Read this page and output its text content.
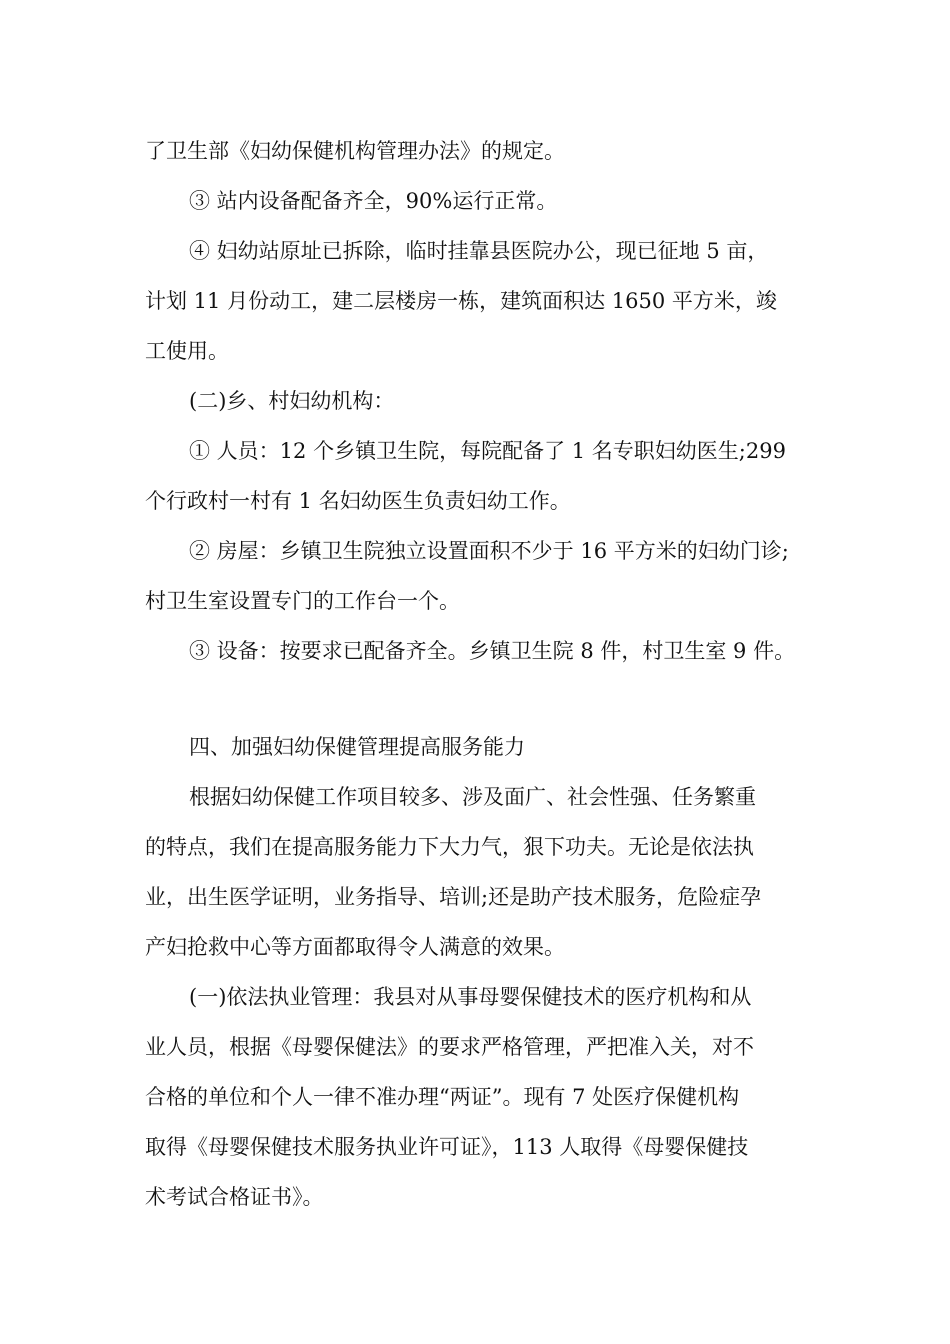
了卫生部《妇幼保健机构管理办法》的规定。

③ 站内设备配备齐全，90%运行正常。

④ 妇幼站原址已拆除，临时挂靠县医院办公，现已征地 5 亩，

计划 11 月份动工，建二层楼房一栋，建筑面积达 1650 平方米，竣

工使用。

(二)乡、村妇幼机构：

① 人员：12 个乡镇卫生院，每院配备了 1 名专职妇幼医生;299

个行政村一村有 1 名妇幼医生负责妇幼工作。

② 房屋：乡镇卫生院独立设置面积不少于 16 平方米的妇幼门诊;

村卫生室设置专门的工作台一个。

③ 设备：按要求已配备齐全。乡镇卫生院 8 件，村卫生室 9 件。

四、加强妇幼保健管理提高服务能力

根据妇幼保健工作项目较多、涉及面广、社会性强、任务繁重

的特点，我们在提高服务能力下大力气，狠下功夫。无论是依法执

业，出生医学证明，业务指导、培训;还是助产技术服务，危险症孕

产妇抢救中心等方面都取得令人满意的效果。

(一)依法执业管理：我县对从事母婴保健技术的医疗机构和从

业人员，根据《母婴保健法》的要求严格管理，严把准入关，对不

合格的单位和个人一律不准办理“两证”。现有 7 处医疗保健机构

取得《母婴保健技术服务执业许可证》，113 人取得《母婴保健技

术考试合格证书》。
